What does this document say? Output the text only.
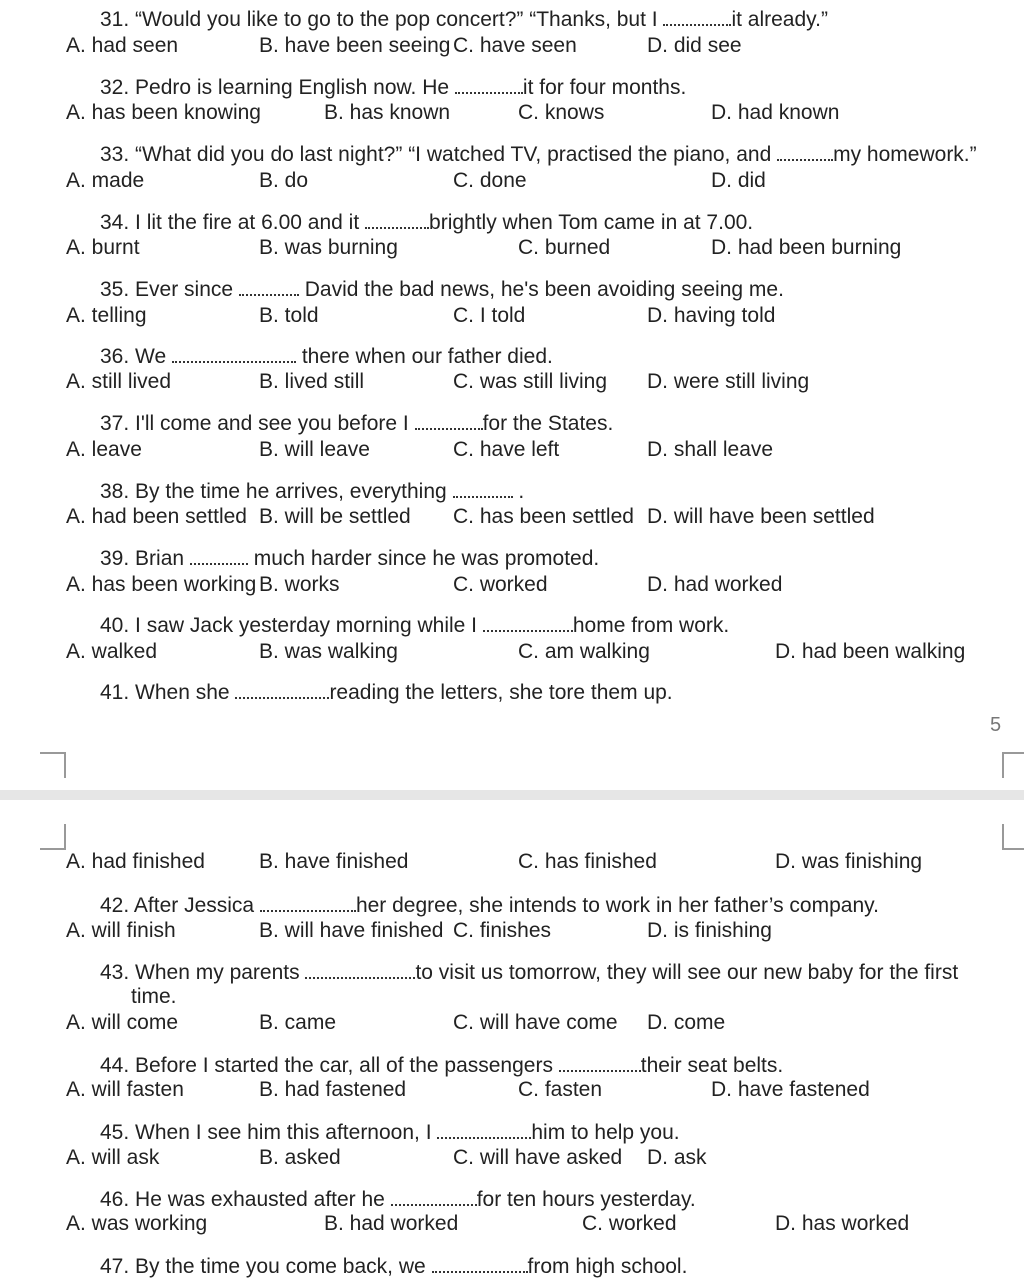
31. “Would you like to go to the pop concert?” “Thanks, but I	it already.”
A. had seen	B. have been seeing C. have seen	D. did see
32. Pedro is learning English now. He	it for four months.
A. has been knowing	B. has known	C. knows	D. had known
33. “What did you do last night?” “I watched TV, practised the piano, and	my homework.”
A. made	B. do	C. done	D. did
34. I lit the fire at 6.00 and it	brightly when Tom came in at 7.00.
A. burnt	B. was burning	C. burned	D. had been burning
35. Ever since	David the bad news, he's been avoiding seeing me.
A. telling	B. told	C. I told	D. having told
36. We	there when our father died.
A. still lived	B. lived still	C. was still living D. were still living
37. I'll come and see you before I	for the States.
A. leave	B. will leave	C. have left	D. shall leave
38. By the time he arrives, everything	.
A. had been settled B. will be settled C. has been settled D. will have been settled
39. Brian	much harder since he was promoted.
A. has been working B. works	C. worked	D. had worked
40. I saw Jack yesterday morning while I	home from work.
A. walked	B. was walking	C. am walking	D. had been walking
41. When she	reading the letters, she tore them up.
5
A. had finished	B. have finished	C. has finished	D. was finishing
42. After Jessica	her degree, she intends to work in her father’s company.
A. will finish	B. will have finished C. finishes	D. is finishing
43. When my parents	to visit us tomorrow, they will see our new baby for the first
time.
A. will come	B. came	C. will have come D. come
44. Before I started the car, all of the passengers	their seat belts.
A. will fasten	B. had fastened	C. fasten	D. have fastened
45. When I see him this afternoon, I	him to help you.
A. will ask	B. asked	C. will have asked D. ask
46. He was exhausted after he	for ten hours yesterday.
A. was working	B. had worked	C. worked	D. has worked
47. By the time you come back, we	from high school.
